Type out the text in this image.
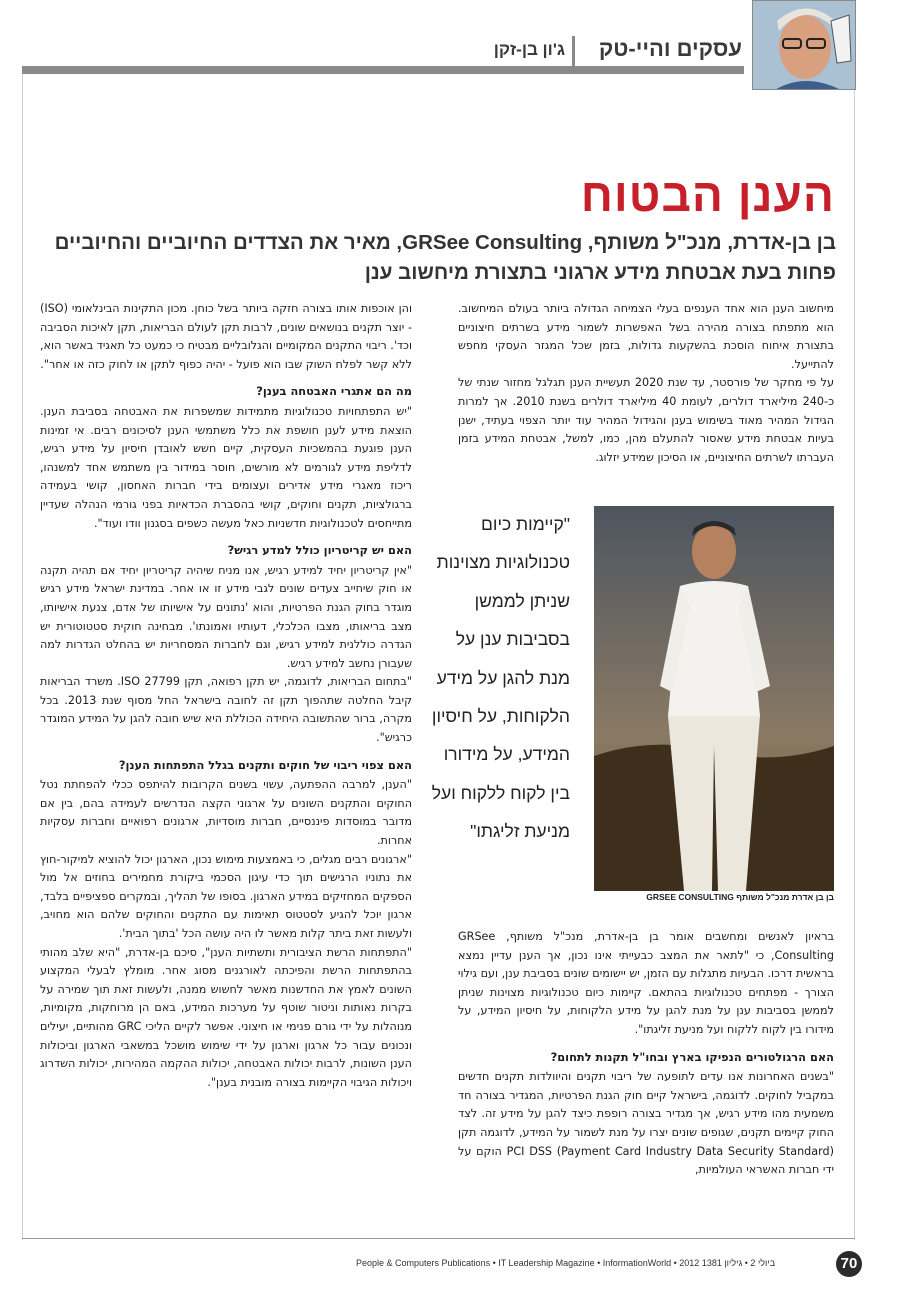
עסקים והיי-טק
ג'ון בן-זקן
הענן הבטוח
בן בן-אדרת, מנכ"ל משותף, GRSee Consulting, מאיר את הצדדים החיוביים והחיוביים פחות בעת אבטחת מידע ארגוני בתצורת מיחשוב ענן

מיחשוב הענן הוא אחד הענפים בעלי הצמיחה הגדולה ביותר בעולם המיחשוב. הוא מתפתח בצורה מהירה בשל האפשרות לשמור מידע בשרתים חיצוניים בתצורת איחוח הוסכת בהשקעות גדולות, בזמן שכל המגזר העסקי מחפש להתייעל.

על פי מחקר של פורסטר, עד שנת 2020 תעשיית הענן תגלגל מחזור שנתי של כ-240 מיליארד דולרים, לעומת 40 מיליארד דולרים בשנת 2010. אך למרות הגידול המהיר מאוד בשימוש בענן והגידול המהיר עוד יותר הצפוי בעתיד, ישנן בעיות אבטחת מידע שאסור להתעלם מהן, כמו, למשל, אבטחת המידע בזמן העברתו לשרתים החיצוניים, או הסיכון שמידע יזלוג.

"קיימות כיום טכנולוגיות מצוינות שניתן לממשן בסביבות ענן על מנת להגן על מידע הלקוחות, על חיסיון המידע, על מידורו בין לקוח ללקוח ועל מניעת זליגתו"
בן בן אדרת מנכ"ל משותף GRSEE CONSULTING

בראיון לאנשים ומחשבים אומר בן בן-אדרת, מנכ"ל משותף, GRSee Consulting, כי "לתאר את המצב כבעייתי אינו נכון, אך הענן עדיין נמצא בראשית דרכו. הבעיות מתגלות עם הזמן, יש יישומים שונים בסביבת ענן, ועם גילוי הצורך - מפתחים טכנולוגיות בהתאם. קיימות כיום טכנולוגיות מצוינות שניתן לממשן בסביבות ענן על מנת להגן על מידע הלקוחות, על חיסיון המידע, על מידורו בין לקוח ללקוח ועל מניעת זליגתו".

האם הרגולטורים הנפיקו בארץ ובחו"ל תקנות לתחום?

"בשנים האחרונות אנו עדים לתופעה של ריבוי תקנים והיוולדות תקנים חדשים במקביל לחוקים. לדוגמה, בישראל קיים חוק הגנת הפרטיות, המגדיר בצורה חד משמעית מהו מידע רגיש, אך מגדיר בצורה רופפת כיצד להגן על מידע זה. לצד החוק קיימים תקנים, שגופים שונים יצרו על מנת לשמור על המידע, לדוגמה תקן PCI DSS (Payment Card Industry Data Security Standard) הוקם על ידי חברות האשראי העולמיות,

והן אוכפות אותו בצורה חזקה ביותר בשל כוחן. מכון התקינות הבינלאומי (ISO) - יוצר תקנים בנושאים שונים, לרבות תקן לעולם הבריאות, תקן לאיכות הסביבה וכד'. ריבוי התקנים המקומיים והגלובליים מבטיח כי כמעט כל תאגיד באשר הוא, ללא קשר לפלח השוק שבו הוא פועל - יהיה כפוף לתקן או לחוק כזה או אחר".

מה הם אתגרי האבטחה בענן?

"יש התפתחויות טכנולוגיות מתמידות שמשפרות את האבטחה בסביבת הענן. הוצאת מידע לענן חושפת את כלל משתמשי הענן לסיכונים רבים. אי זמינות הענן פוגעת בהמשכיות העסקית, קיים חשש לאובדן חיסיון על מידע רגיש, לדליפת מידע לגורמים לא מורשים, חוסר במידור בין משתמש אחד למשנהו, ריכוז מאגרי מידע אדירים ועצומים בידי חברות האחסון, קושי בעמידה ברגולציות, תקנים וחוקים, קושי בהסברת הכדאיות בפני גורמי הנהלה שעדיין מתייחסים לטכנולוגיות חדשניות כאל מעשה כשפים בסגנון וודו ועוד".

האם יש קריטריון כולל למדע רגיש?

"אין קריטריון יחיד למידע רגיש, אנו מניח שיהיה קריטריון יחיד אם תהיה תקנה או חוק שיחייב צעדים שונים לגבי מידע זו או אחר. במדינת ישראל מידע רגיש מוגדר בחוק הגנת הפרטיות, והוא 'נתונים על אישיותו של אדם, צנעת אישיותו, מצב בריאותו, מצבו הכלכלי, דעותיו ואמונתו'. מבחינה חוקית סטטוטורית יש הגדרה כוללנית למידע רגיש, וגם לחברות המסחריות יש בהחלט הגדרות למה שעבורן נחשב למידע רגיש.

"בתחום הבריאות, לדוגמה, יש תקן רפואה, תקן ISO 27799. משרד הבריאות קיבל החלטה שתהפוך תקן זה לחובה בישראל החל מסוף שנת 2013. בכל מקרה, ברור שהתשובה היחידה הכוללת היא שיש חובה להגן על המידע המוגדר כרגיש".

האם צפוי ריבוי של חוקים ותקנים בגלל התפתחות הענן?

"הענן, למרבה ההפתעה, עשוי בשנים הקרובות להיתפס ככלי להפחתת נטל החוקים והתקנים השונים על ארגוני הקצה הנדרשים לעמידה בהם, בין אם מדובר במוסדות פיננסיים, חברות מוסדיות, ארגונים רפואיים וחברות עסקיות אחרות.

"ארגונים רבים מגלים, כי באמצעות מימוש נכון, הארגון יכול להוציא למיקור-חוץ את נתוניו הרגישים תוך כדי עיגון הסכמי ביקורת מחמירים בחוזים אל מול הספקים המחזיקים במידע הארגון. בסופו של תהליך, ובמקרים ספציפיים בלבד, ארגון יוכל להגיע לסטטוס תאימות עם התקנים והחוקים שלהם הוא מחויב, ולעשות זאת ביתר קלות מאשר לו היה עושה הכל 'בתוך הבית'.

"התפתחות הרשת הציבורית ותשתיות הענן", סיכם בן-אדרת, "היא שלב מהותי בהתפתחות הרשת והפיכתה לאורגנים מסוג אחר. מומלץ לבעלי המקצוע השונים לאמץ את החדשנות מאשר לחשוש ממנה, ולעשות זאת תוך שמירה על בקרות נאותות וניטור שוטף על מערכות המידע, באם הן מרוחקות, מקומיות, מנוהלות על ידי גורם פנימי או חיצוני. אפשר לקיים הליכי GRC מהותיים, יעילים ונכונים עבור כל ארגון וארגון על ידי שימוש מושכל במשאבי הארגון וביכולות הענן השונות, לרבות יכולות האבטחה, יכולות ההקמה המהירות, יכולות השדרוג ויכולות הגיבוי הקיימות בצורה מובנית בענן".

People & Computers Publications • IT Leadership Magazine • InformationWorld • 2012 ביולי 2 • גיליון 1381	70
